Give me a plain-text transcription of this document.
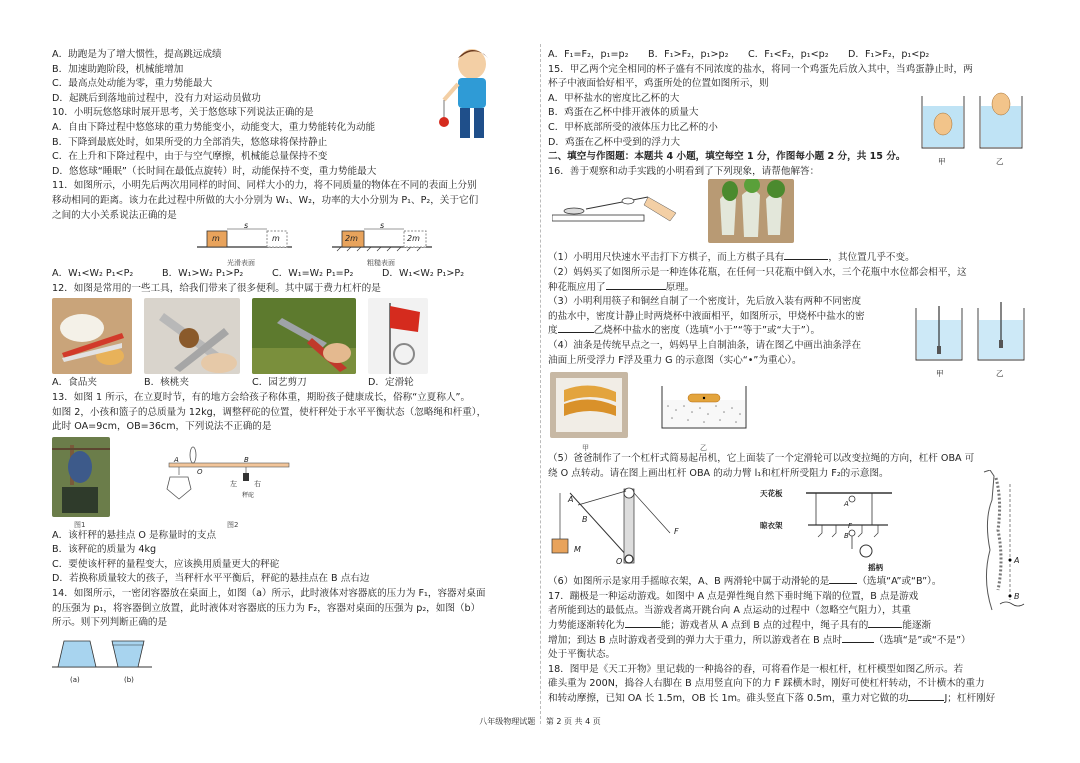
A．助跑是为了增大惯性，提高跳远成绩

B．加速助跑阶段，机械能增加

C．最高点处动能为零，重力势能最大

D．起跳后到落地前过程中，没有力对运动员做功

10．小明玩悠悠球时展开思考，关于悠悠球下列说法正确的是

A．自由下降过程中悠悠球的重力势能变小，动能变大，重力势能转化为动能

B．下降到最底处时，如果所受的力全部消失，悠悠球将保持静止

C．在上升和下降过程中，由于与空气摩擦，机械能总量保持不变

D．悠悠球“睡眠”（长时间在最低点旋转）时，动能保持不变，重力势能最大

11．如图所示，小明先后两次用同样的时间、同样大小的力，将不同质量的物体在不同的表面上分别

移动相同的距离。该力在此过程中所做的大小分别为 W₁、W₂，功率的大小分别为 P₁、P₂，关于它们

之间的大小关系说法正确的是

m	m	2m	2m
s	s
光滑表面	粗糙表面

A．W₁<W₂ P₁<P₂	B．W₁>W₂ P₁>P₂	C．W₁=W₂ P₁=P₂	D．W₁<W₂ P₁>P₂

12．如图是常用的一些工具，给我们带来了很多便利。其中属于费力杠杆的是

A．食品夹	B．核桃夹	C．园艺剪刀	D．定滑轮

13．如图 1 所示，在立夏时节，有的地方会给孩子称体重，期盼孩子健康成长，俗称“立夏称人”。

如图 2，小孩和篮子的总质量为 12kg，调整秤砣的位置，使杆秤处于水平平衡状态（忽略绳和杆重），

此时 OA=9cm，OB=36cm，下列说法不正确的是

图1
A
O
B
左 右
秤砣
图2

A．该杆秤的悬挂点 O 是称量时的支点

B．该秤砣的质量为 4kg

C．要使该杆秤的量程变大，应该换用质量更大的秤砣

D．若换称质量较大的孩子，当秤杆水平平衡后，秤砣的悬挂点在 B 点右边

14．如图所示，一密闭容器放在桌面上，如图（a）所示，此时液体对容器底的压力为 F₁，容器对桌面

的压强为 p₁，将容器倒立放置，此时液体对容器底的压力为 F₂，容器对桌面的压强为 p₂，如图（b）

所示。则下列判断正确的是

(a)	(b)

A．F₁=F₂，p₁=p₂ B．F₁>F₂，p₁>p₂ C．F₁<F₂，p₁<p₂ D．F₁>F₂，p₁<p₂

15．甲乙两个完全相同的杯子盛有不同浓度的盐水，将同一个鸡蛋先后放入其中，当鸡蛋静止时，两

杯子中液面恰好相平，鸡蛋所处的位置如图所示，则

A．甲杯盐水的密度比乙杯的大

B．鸡蛋在乙杯中排开液体的质量大

C．甲杯底部所受的液体压力比乙杯的小

D．鸡蛋在乙杯中受到的浮力大

二、填空与作图题：本题共 4 小题，填空每空 1 分，作图每小题 2 分，共 15 分。

16．善于观察和动手实践的小明看到了下列现象，请帮他解答：

（1）小明用尺快速水平击打下方棋子，而上方棋子具有	，其位置几乎不变。

（2）妈妈买了如图所示是一种连体花瓶，在任何一只花瓶中倒入水，三个花瓶中水位都会相平，这

种花瓶应用了	原理。

（3）小明利用筷子和铜丝自制了一个密度计，先后放入装有两种不同密度

的盐水中，密度计静止时两烧杯中液面相平，如图所示，甲烧杯中盐水的密

度	乙烧杯中盐水的密度（选填“小于”“等于”或“大于”）。

（4）油条是传统早点之一，妈妈早上自制油条，请在图乙中画出油条浮在

油面上所受浮力 F浮及重力 G 的示意图（实心“•”为重心）。

甲	乙

（5）爸爸制作了一个杠杆式简易起吊机，它上面装了一个定滑轮可以改变拉绳的方向，杠杆 OBA 可

绕 O 点转动。请在图上画出杠杆 OBA 的动力臂 l₁和杠杆所受阻力 F₂的示意图。

A
B
M
O
F
天花板
晾衣架
A
B
F
摇柄

（6）如图所示是家用手摇晾衣架，A、B 两滑轮中属于动滑轮的是	（选填“A”或“B”）。

17．蹦极是一种运动游戏。如图中 A 点是弹性绳自然下垂时绳下端的位置，B 点是游戏

者所能到达的最低点。当游戏者离开跳台向 A 点运动的过程中（忽略空气阻力），其重

力势能逐渐转化为	能；游戏者从 A 点到 B 点的过程中，绳子具有的	能逐渐

增加；到达 B 点时游戏者受到的弹力大于重力，所以游戏者在 B 点时	（选填“是”或“不是”）

处于平衡状态。

18．图甲是《天工开物》里记载的一种捣谷的舂，可将看作是一根杠杆，杠杆模型如图乙所示。若

碓头重为 200N，捣谷人右脚在 B 点用竖直向下的力 F 踩横木时，刚好可使杠杆转动，不计横木的重力

和转动摩擦，已知 OA 长 1.5m，OB 长 1m。碓头竖直下落 0.5m，重力对它做的功	J；杠杆刚好

甲	乙
甲	乙
A
B
八年级物理试题　 第 2 页 共 4 页
